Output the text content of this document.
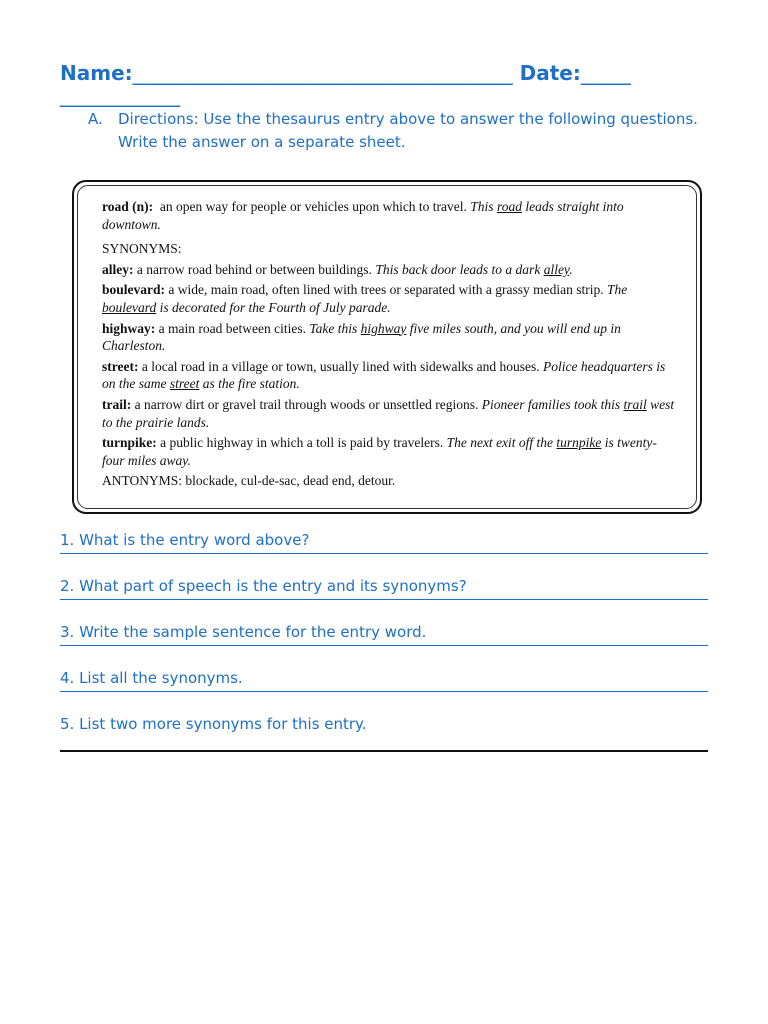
Name:______________________________________ Date:_____
____________
A. Directions: Use the thesaurus entry above to answer the following questions. Write the answer on a separate sheet.

road (n): an open way for people or vehicles upon which to travel. This road leads straight into downtown.

SYNONYMS:

alley: a narrow road behind or between buildings. This back door leads to a dark alley.

boulevard: a wide, main road, often lined with trees or separated with a grassy median strip. The boulevard is decorated for the Fourth of July parade.

highway: a main road between cities. Take this highway five miles south, and you will end up in Charleston.

street: a local road in a village or town, usually lined with sidewalks and houses. Police headquarters is on the same street as the fire station.

trail: a narrow dirt or gravel trail through woods or unsettled regions. Pioneer families took this trail west to the prairie lands.

turnpike: a public highway in which a toll is paid by travelers. The next exit off the turnpike is twenty-four miles away.

ANTONYMS: blockade, cul-de-sac, dead end, detour.

1. What is the entry word above?
2. What part of speech is the entry and its synonyms?
3. Write the sample sentence for the entry word.
4. List all the synonyms.
5. List two more synonyms for this entry.
